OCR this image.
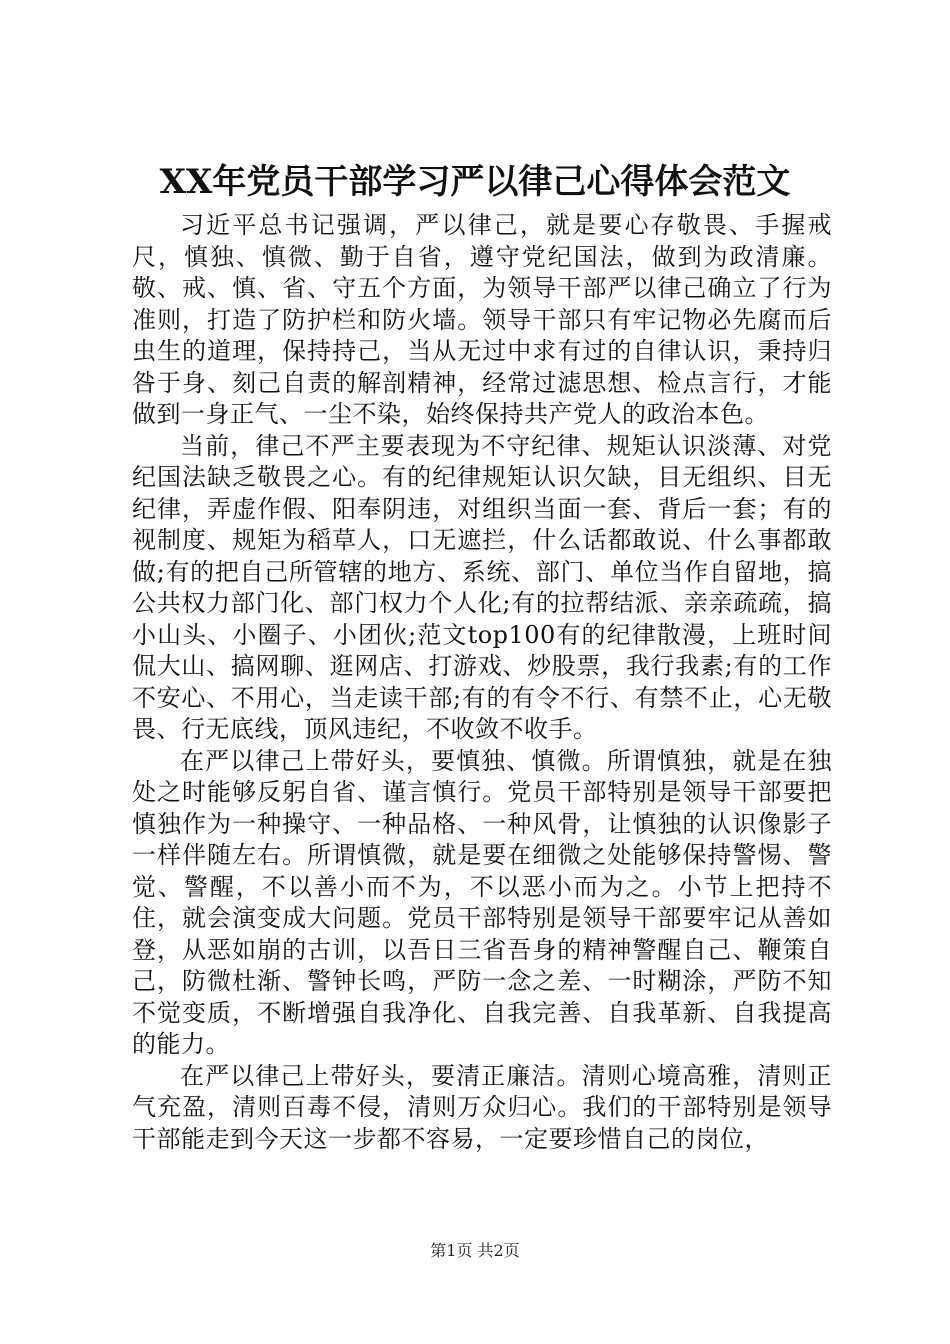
XX年党员干部学习严以律己心得体会范文

习近平总书记强调，严以律己，就是要心存敬畏、手握戒尺，慎独、慎微、勤于自省，遵守党纪国法，做到为政清廉。敬、戒、慎、省、守五个方面，为领导干部严以律己确立了行为准则，打造了防护栏和防火墙。领导干部只有牢记物必先腐而后虫生的道理，保持持己，当从无过中求有过的自律认识，秉持归咎于身、刻己自责的解剖精神，经常过滤思想、检点言行，才能做到一身正气、一尘不染，始终保持共产党人的政治本色。

当前，律己不严主要表现为不守纪律、规矩认识淡薄、对党纪国法缺乏敬畏之心。有的纪律规矩认识欠缺，目无组织、目无纪律，弄虚作假、阳奉阴违，对组织当面一套、背后一套；有的视制度、规矩为稻草人，口无遮拦，什么话都敢说、什么事都敢做;有的把自己所管辖的地方、系统、部门、单位当作自留地，搞公共权力部门化、部门权力个人化;有的拉帮结派、亲亲疏疏，搞小山头、小圈子、小团伙;范文top100有的纪律散漫，上班时间侃大山、搞网聊、逛网店、打游戏、炒股票，我行我素;有的工作不安心、不用心，当走读干部;有的有令不行、有禁不止，心无敬畏、行无底线，顶风违纪，不收敛不收手。

在严以律己上带好头，要慎独、慎微。所谓慎独，就是在独处之时能够反躬自省、谨言慎行。党员干部特别是领导干部要把慎独作为一种操守、一种品格、一种风骨，让慎独的认识像影子一样伴随左右。所谓慎微，就是要在细微之处能够保持警惕、警觉、警醒，不以善小而不为，不以恶小而为之。小节上把持不住，就会演变成大问题。党员干部特别是领导干部要牢记从善如登，从恶如崩的古训，以吾日三省吾身的精神警醒自己、鞭策自己，防微杜渐、警钟长鸣，严防一念之差、一时糊涂，严防不知不觉变质，不断增强自我净化、自我完善、自我革新、自我提高的能力。

在严以律己上带好头，要清正廉洁。清则心境高雅，清则正气充盈，清则百毒不侵，清则万众归心。我们的干部特别是领导干部能走到今天这一步都不容易，一定要珍惜自己的岗位，

第1页 共2页
